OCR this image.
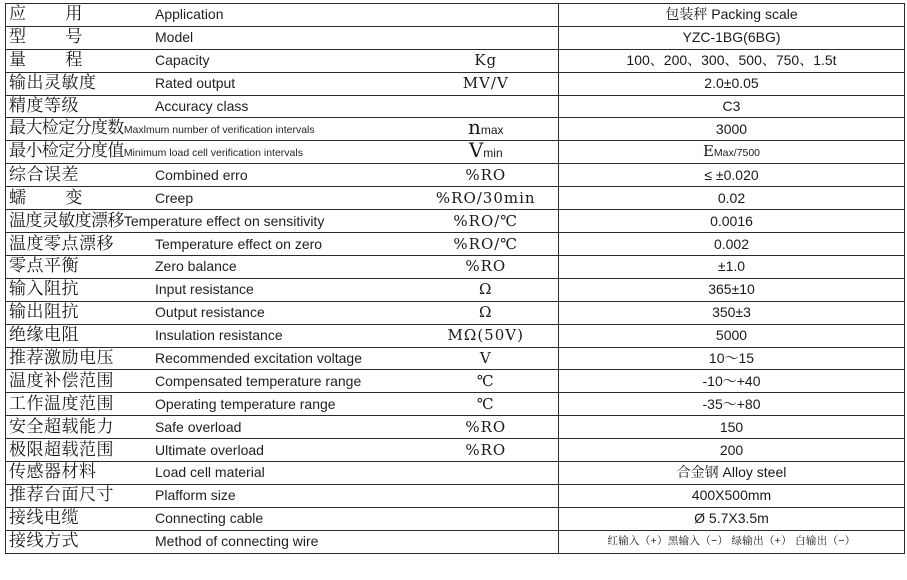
应 用 Application		包装秤 Packing scale
型 号 Model		YZC-1BG(6BG)
量 程 Capacity	Kg	100、200、300、500、750、1.5t
输出灵敏度 Rated output	MV/V	2.0±0.05
精度等级 Accuracy class		C3
最大检定分度数Maxlmum number of verification intervals	nmax	3000
最小检定分度值Minimum load cell verification intervals	Vmin	EMax/7500
综合误差 Combined erro	%RO	≤ ±0.020
蠕 变 Creep	%RO/30min	0.02
温度灵敏度漂移Temperature effect on sensitivity	%RO/℃	0.0016
温度零点漂移 Temperature effect on zero	%RO/℃	0.002
零点平衡 Zero balance	%RO	±1.0
输入阻抗 Input resistance	Ω	365±10
输出阻抗 Output resistance	Ω	350±3
绝缘电阻 Insulation resistance	MΩ(50V)	5000
推荐激励电压 Recommended excitation voltage	V	10～15
温度补偿范围 Compensated temperature range	℃	-10～+40
工作温度范围 Operating temperature range	℃	-35～+80
安全超载能力 Safe overload	%RO	150
极限超载范围 Ultimate overload	%RO	200
传感器材料 Load cell material		合金钢 Alloy steel
推荐台面尺寸 Plafform size		400X500mm
接线电缆 Connecting cable		Ø 5.7X3.5m
接线方式 Method of connecting wire		红输入（+）黑输入（−） 绿输出（+） 白输出（−）
